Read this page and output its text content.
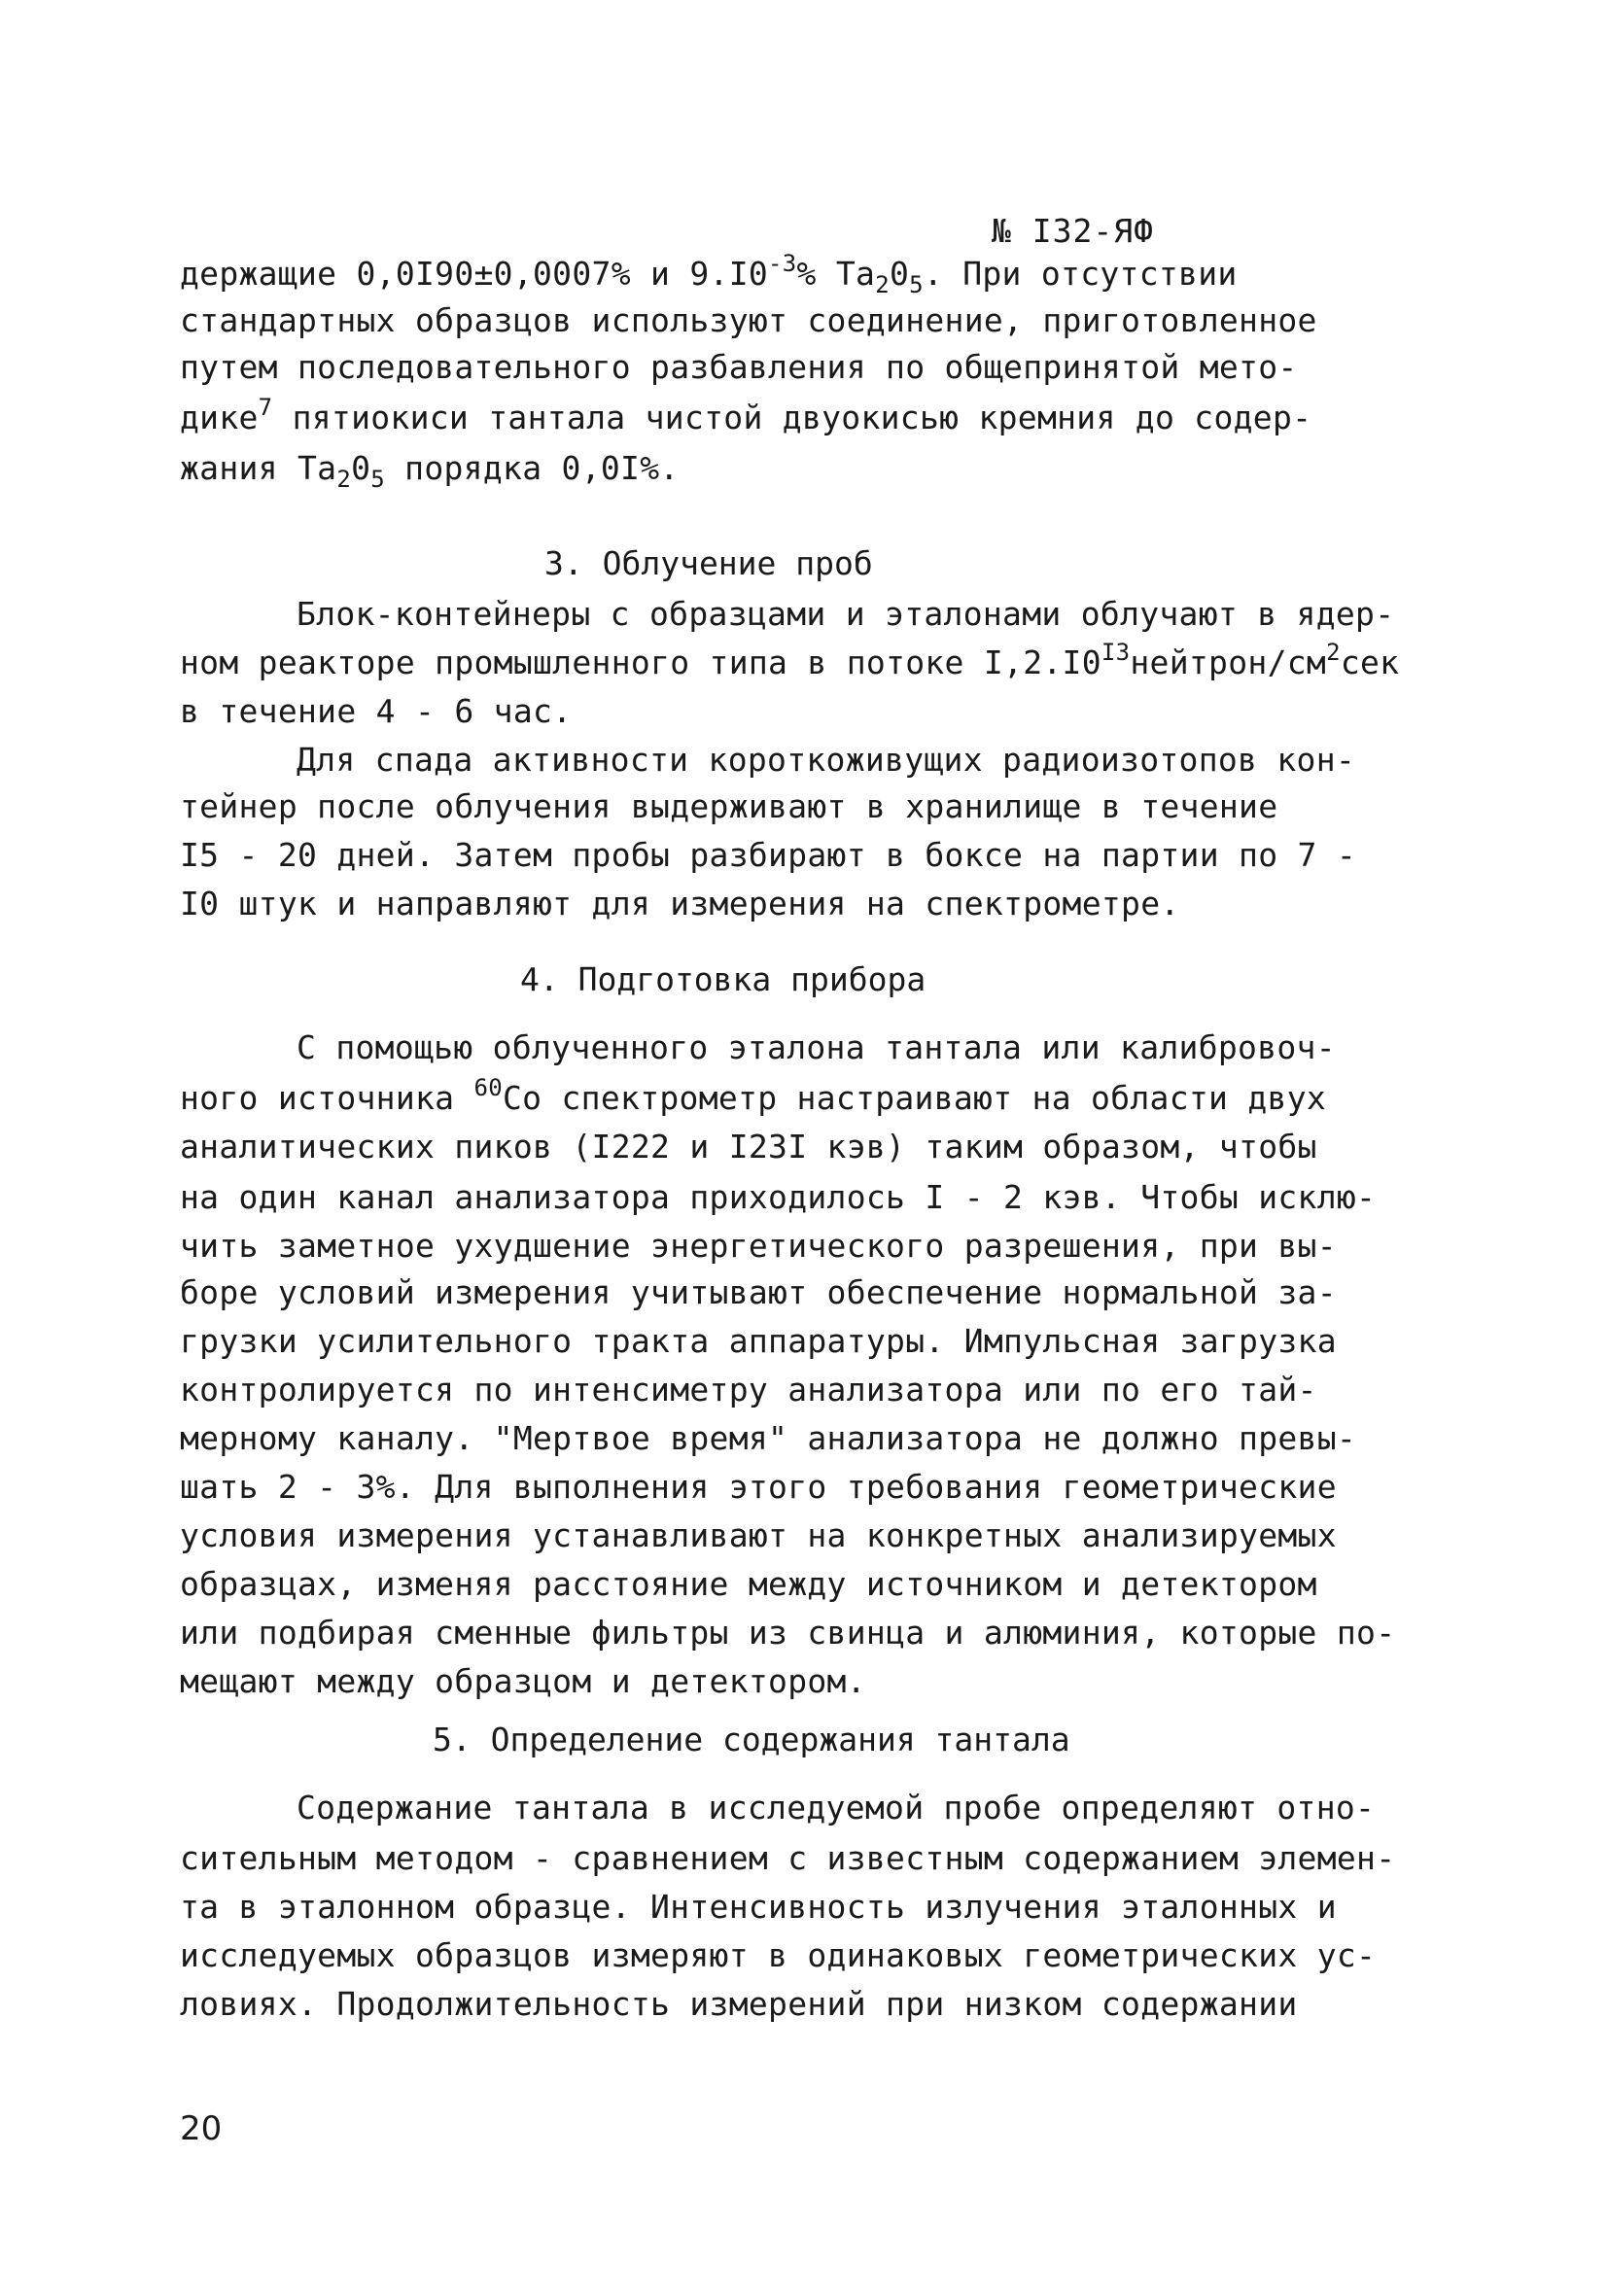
№ I32-ЯФ
держащие 0,0I90±0,0007% и $9.I0^{-3}\%$ $Ta_20_5$. При отсутствии
стандартных образцов используют соединение, приготовленное
путем последовательного разбавления по общепринятой мето-
дике$^7$ пятиокиси тантала чистой двуокисью кремния до содер-
жания $Ta_20_5$ порядка 0,0I%.
3. Облучение проб
Блок-контейнеры с образцами и эталонами облучают в ядер-
ном реакторе промышленного типа в потоке $I,2.I0^{I3}нейтрон/см^2сек$
в течение 4 - 6 час.
Для спада активности короткоживущих радиоизотопов кон-
тейнер после облучения выдерживают в хранилище в течение
I5 - 20 дней. Затем пробы разбирают в боксе на партии по 7 -
I0 штук и направляют для измерения на спектрометре.
4. Подготовка прибора
С помощью облученного эталона тантала или калибровоч-
ного источника $^{60}$Co спектрометр настраивают на области двух
аналитических пиков (I222 и I23I кэв) таким образом, чтобы
на один канал анализатора приходилось I - 2 кэв. Чтобы исклю-
чить заметное ухудшение энергетического разрешения, при вы-
боре условий измерения учитывают обеспечение нормальной за-
грузки усилительного тракта аппаратуры. Импульсная загрузка
контролируется по интенсиметру анализатора или по его тай-
мерному каналу. "Мертвое время" анализатора не должно превы-
шать 2 - 3%. Для выполнения этого требования геометрические
условия измерения устанавливают на конкретных анализируемых
образцах, изменяя расстояние между источником и детектором
или подбирая сменные фильтры из свинца и алюминия, которые по-
мещают между образцом и детектором.
5. Определение содержания тантала
Содержание тантала в исследуемой пробе определяют отно-
сительным методом - сравнением с известным содержанием элемен-
та в эталонном образце. Интенсивность излучения эталонных и
исследуемых образцов измеряют в одинаковых геометрических ус-
ловиях. Продолжительность измерений при низком содержании
20
